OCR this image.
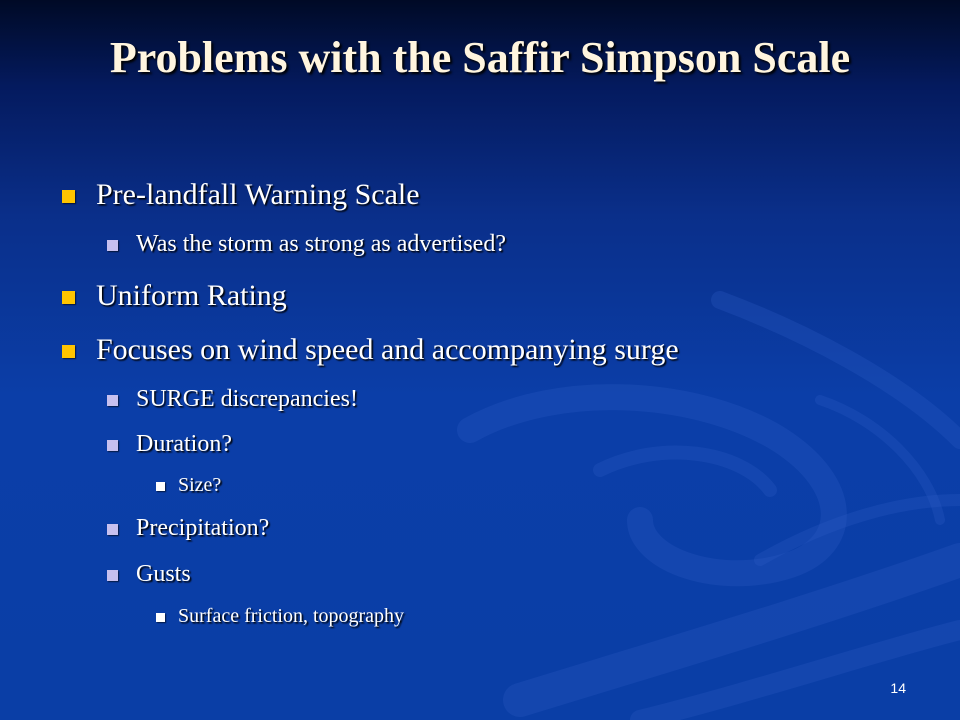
Problems with the Saffir Simpson Scale
Pre-landfall Warning Scale
Was the storm as strong as advertised?
Uniform Rating
Focuses on wind speed and accompanying surge
SURGE discrepancies!
Duration?
Size?
Precipitation?
Gusts
Surface friction, topography
14
